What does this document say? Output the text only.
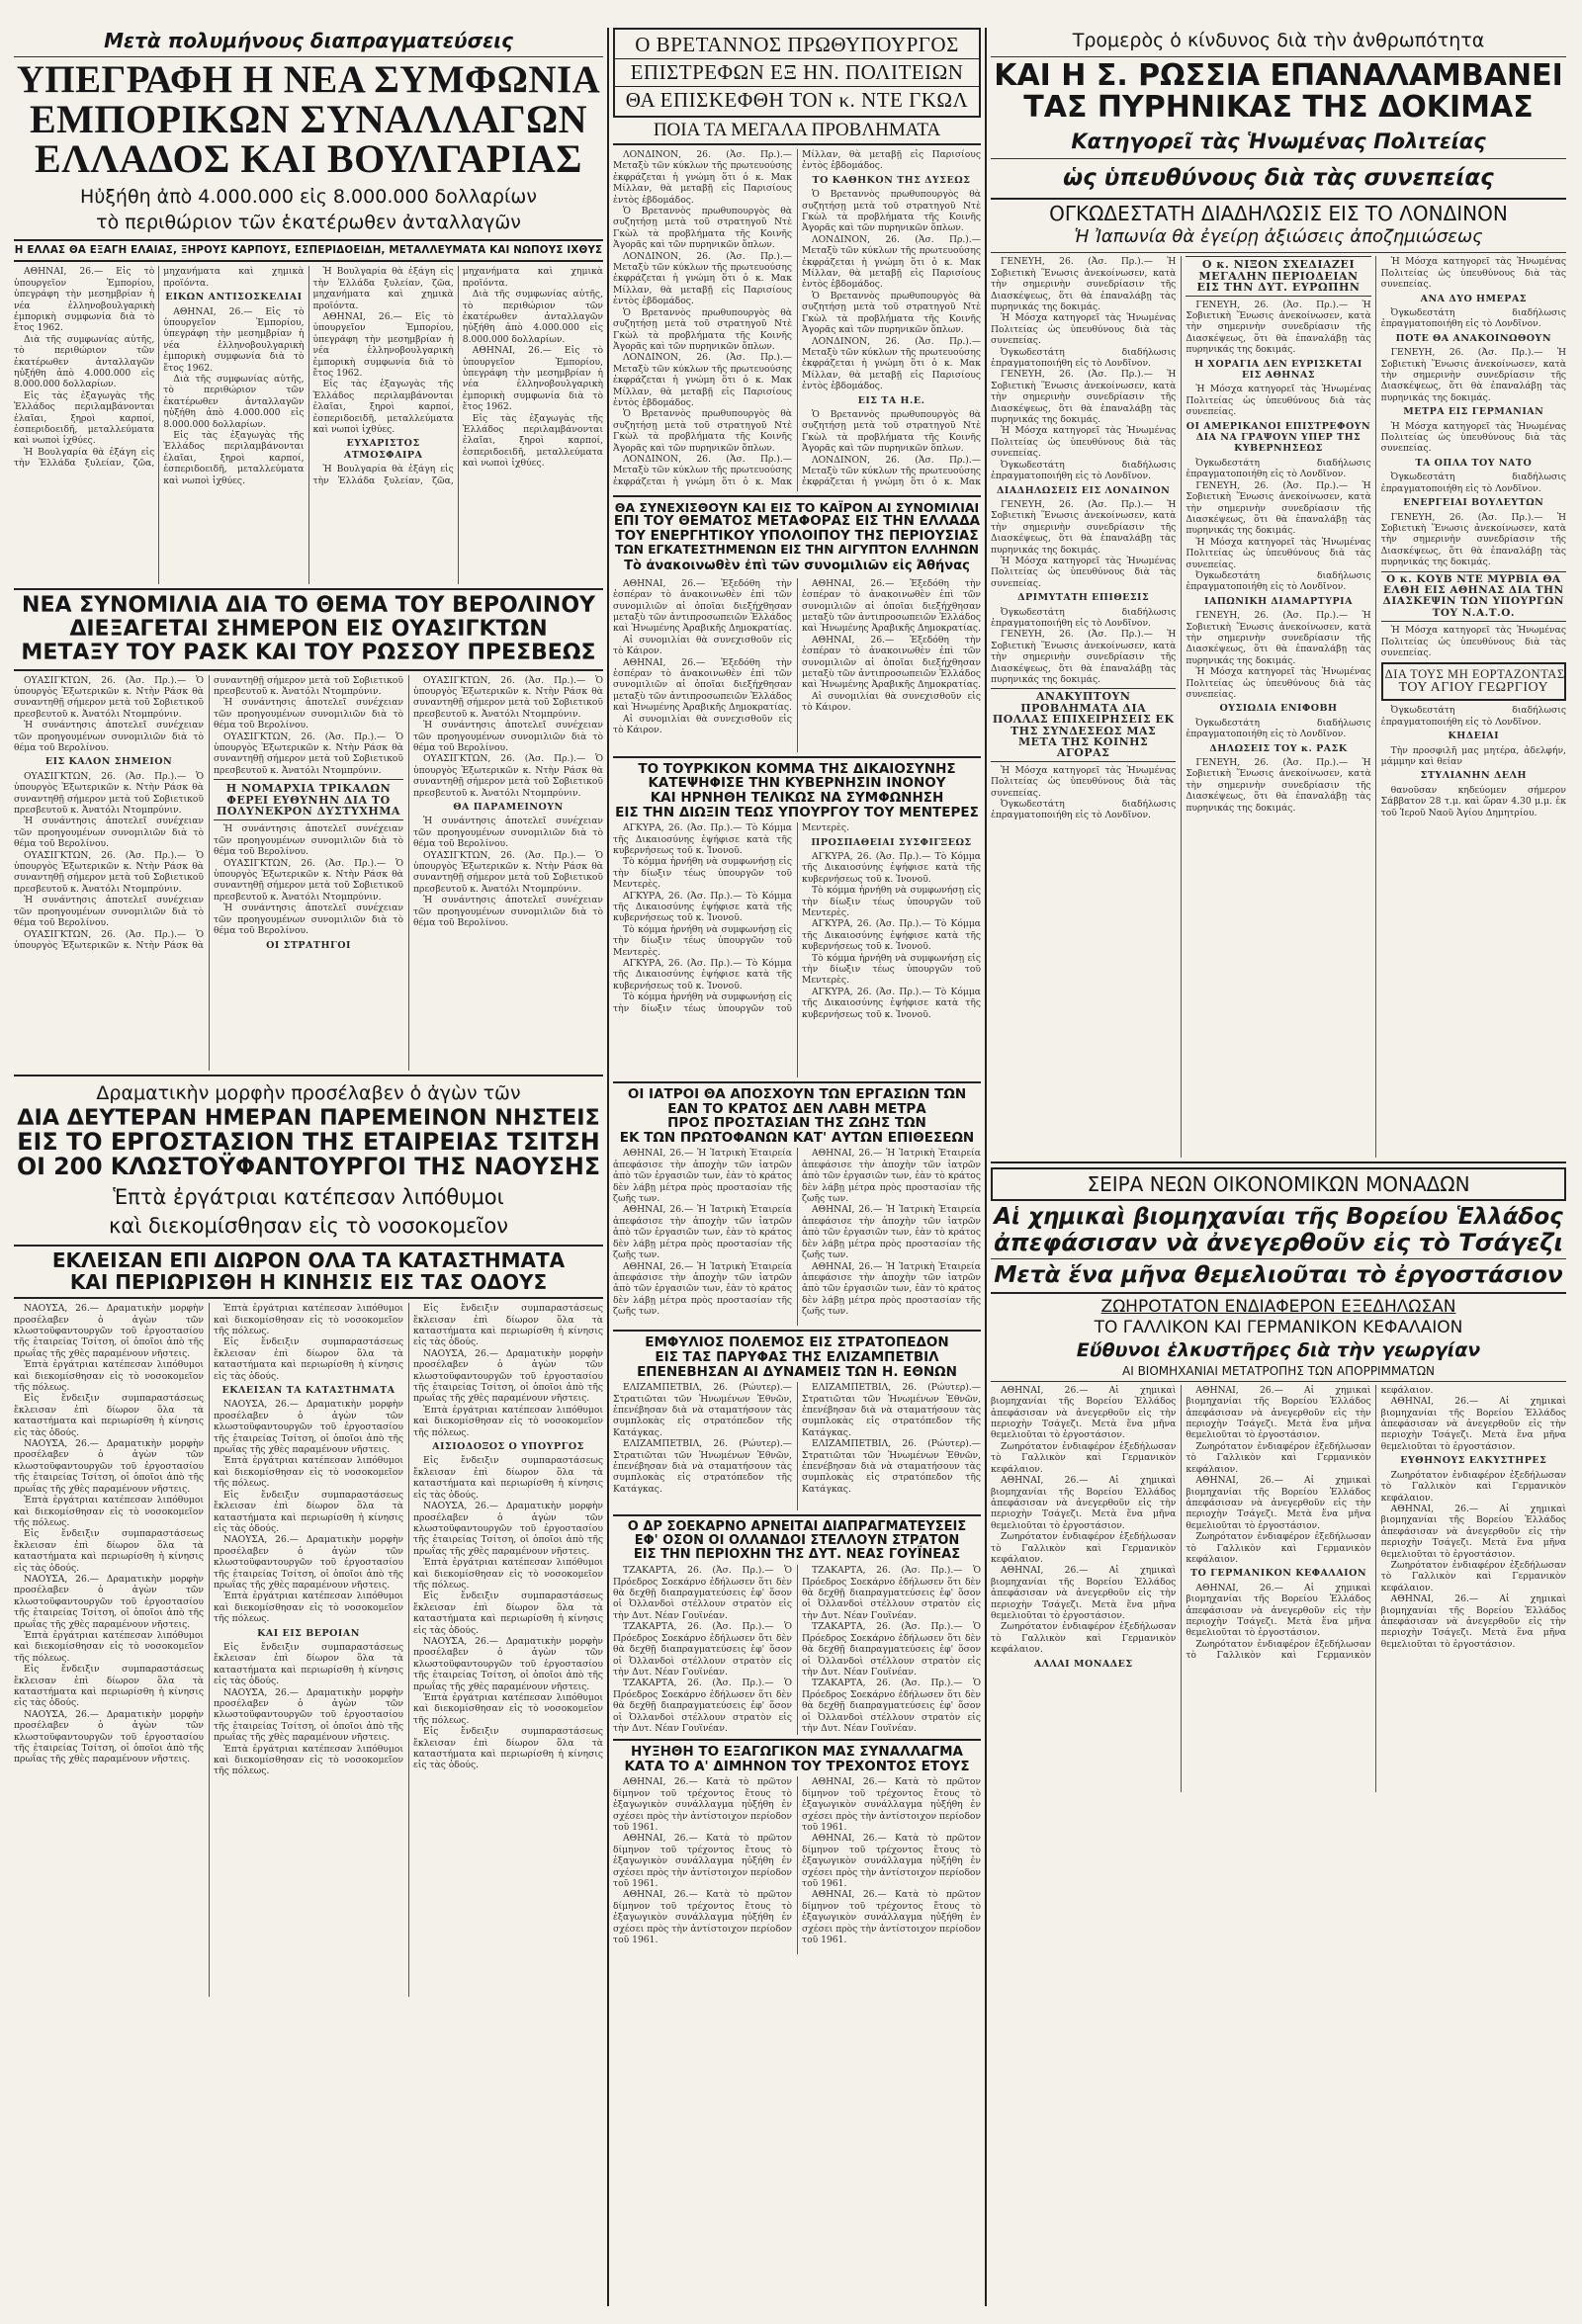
Μετὰ πολυμήνους διαπραγματεύσεις
ΥΠΕΓΡΑΦΗ Η ΝΕΑ ΣΥΜΦΩΝΙΑ
ΕΜΠΟΡΙΚΩΝ ΣΥΝΑΛΛΑΓΩΝ
ΕΛΛΑΔΟΣ ΚΑΙ ΒΟΥΛΓΑΡΙΑΣ
Ηὐξήθη ἀπὸ 4.000.000 εἰς 8.000.000 δολλαρίων
τὸ περιθώριον τῶν ἑκατέρωθεν ἀνταλλαγῶν
Η ΕΛΛΑΣ ΘΑ ΕΞΑΓΗ ΕΛΑΙΑΣ, ΞΗΡΟΥΣ ΚΑΡΠΟΥΣ, ΕΣΠΕΡΙΔΟΕΙΔΗ, ΜΕΤΑΛΛΕΥΜΑΤΑ ΚΑΙ ΝΩΠΟΥΣ ΙΧΘΥΣ

ΑΘΗΝΑΙ, 26.— Εἰς τὸ ὑπουργεῖον Ἐμπορίου, ὑπεγράφη τὴν μεσημβρίαν ἡ νέα ἑλληνοβουλγαρικὴ ἐμπορικὴ συμφωνία διὰ τὸ ἔτος 1962.

Διὰ τῆς συμφωνίας αὐτῆς, τὸ περιθώριον τῶν ἐκατέρωθεν ἀνταλλαγῶν ηὐξήθη ἀπὸ 4.000.000 εἰς 8.000.000 δολλαρίων.

Εἰς τὰς ἐξαγωγὰς τῆς Ἑλλάδος περιλαμβάνονται ἐλαῖαι, ξηροὶ καρποί, ἐσπεριδοειδῆ, μεταλλεύματα καὶ νωποὶ ἰχθύες.

Ἡ Βουλγαρία θὰ ἐξάγη εἰς τὴν Ἑλλάδα ξυλείαν, ζῶα, μηχανήματα καὶ χημικὰ προϊόντα.

ΕΙΚΩΝ ΑΝΤΙΣΟΣΚΕΛΙΑΙ

ΑΘΗΝΑΙ, 26.— Εἰς τὸ ὑπουργεῖον Ἐμπορίου, ὑπεγράφη τὴν μεσημβρίαν ἡ νέα ἑλληνοβουλγαρικὴ ἐμπορικὴ συμφωνία διὰ τὸ ἔτος 1962.

Διὰ τῆς συμφωνίας αὐτῆς, τὸ περιθώριον τῶν ἐκατέρωθεν ἀνταλλαγῶν ηὐξήθη ἀπὸ 4.000.000 εἰς 8.000.000 δολλαρίων.

Εἰς τὰς ἐξαγωγὰς τῆς Ἑλλάδος περιλαμβάνονται ἐλαῖαι, ξηροὶ καρποί, ἐσπεριδοειδῆ, μεταλλεύματα καὶ νωποὶ ἰχθύες.

Ἡ Βουλγαρία θὰ ἐξάγη εἰς τὴν Ἑλλάδα ξυλείαν, ζῶα, μηχανήματα καὶ χημικὰ προϊόντα.

ΑΘΗΝΑΙ, 26.— Εἰς τὸ ὑπουργεῖον Ἐμπορίου, ὑπεγράφη τὴν μεσημβρίαν ἡ νέα ἑλληνοβουλγαρικὴ ἐμπορικὴ συμφωνία διὰ τὸ ἔτος 1962.

Εἰς τὰς ἐξαγωγὰς τῆς Ἑλλάδος περιλαμβάνονται ἐλαῖαι, ξηροὶ καρποί, ἐσπεριδοειδῆ, μεταλλεύματα καὶ νωποὶ ἰχθύες.

ΕΥΧΑΡΙΣΤΟΣ ΑΤΜΟΣΦΑΙΡΑ

Ἡ Βουλγαρία θὰ ἐξάγη εἰς τὴν Ἑλλάδα ξυλείαν, ζῶα, μηχανήματα καὶ χημικὰ προϊόντα.

Διὰ τῆς συμφωνίας αὐτῆς, τὸ περιθώριον τῶν ἐκατέρωθεν ἀνταλλαγῶν ηὐξήθη ἀπὸ 4.000.000 εἰς 8.000.000 δολλαρίων.

ΑΘΗΝΑΙ, 26.— Εἰς τὸ ὑπουργεῖον Ἐμπορίου, ὑπεγράφη τὴν μεσημβρίαν ἡ νέα ἑλληνοβουλγαρικὴ ἐμπορικὴ συμφωνία διὰ τὸ ἔτος 1962.

Εἰς τὰς ἐξαγωγὰς τῆς Ἑλλάδος περιλαμβάνονται ἐλαῖαι, ξηροὶ καρποί, ἐσπεριδοειδῆ, μεταλλεύματα καὶ νωποὶ ἰχθύες.

ΝΕΑ ΣΥΝΟΜΙΛΙΑ ΔΙΑ ΤΟ ΘΕΜΑ ΤΟΥ ΒΕΡΟΛΙΝΟΥ
ΔΙΕΞΑΓΕΤΑΙ ΣΗΜΕΡΟΝ ΕΙΣ ΟΥΑΣΙΓΚΤΩΝ
ΜΕΤΑΞΥ ΤΟΥ ΡΑΣΚ ΚΑΙ ΤΟΥ ΡΩΣΣΟΥ ΠΡΕΣΒΕΩΣ

ΟΥΑΣΙΓΚΤΩΝ, 26. (Ἀσ. Πρ.).— Ὁ ὑπουργὸς Ἐξωτερικῶν κ. Ντὴν Ράσκ θὰ συναντηθῇ σήμερον μετὰ τοῦ Σοβιετικοῦ πρεσβευτοῦ κ. Ἀνατόλι Ντομπρύνιν.

Ἡ συνάντησις ἀποτελεῖ συνέχειαν τῶν προηγουμένων συνομιλιῶν διὰ τὸ θέμα τοῦ Βερολίνου.

ΕΙΣ ΚΑΛΟΝ ΣΗΜΕΙΟΝ

ΟΥΑΣΙΓΚΤΩΝ, 26. (Ἀσ. Πρ.).— Ὁ ὑπουργὸς Ἐξωτερικῶν κ. Ντὴν Ράσκ θὰ συναντηθῇ σήμερον μετὰ τοῦ Σοβιετικοῦ πρεσβευτοῦ κ. Ἀνατόλι Ντομπρύνιν.

Ἡ συνάντησις ἀποτελεῖ συνέχειαν τῶν προηγουμένων συνομιλιῶν διὰ τὸ θέμα τοῦ Βερολίνου.

ΟΥΑΣΙΓΚΤΩΝ, 26. (Ἀσ. Πρ.).— Ὁ ὑπουργὸς Ἐξωτερικῶν κ. Ντὴν Ράσκ θὰ συναντηθῇ σήμερον μετὰ τοῦ Σοβιετικοῦ πρεσβευτοῦ κ. Ἀνατόλι Ντομπρύνιν.

Ἡ συνάντησις ἀποτελεῖ συνέχειαν τῶν προηγουμένων συνομιλιῶν διὰ τὸ θέμα τοῦ Βερολίνου.

ΟΥΑΣΙΓΚΤΩΝ, 26. (Ἀσ. Πρ.).— Ὁ ὑπουργὸς Ἐξωτερικῶν κ. Ντὴν Ράσκ θὰ συναντηθῇ σήμερον μετὰ τοῦ Σοβιετικοῦ πρεσβευτοῦ κ. Ἀνατόλι Ντομπρύνιν.

Ἡ συνάντησις ἀποτελεῖ συνέχειαν τῶν προηγουμένων συνομιλιῶν διὰ τὸ θέμα τοῦ Βερολίνου.

ΟΥΑΣΙΓΚΤΩΝ, 26. (Ἀσ. Πρ.).— Ὁ ὑπουργὸς Ἐξωτερικῶν κ. Ντὴν Ράσκ θὰ συναντηθῇ σήμερον μετὰ τοῦ Σοβιετικοῦ πρεσβευτοῦ κ. Ἀνατόλι Ντομπρύνιν.

Η ΝΟΜΑΡΧΙΑ ΤΡΙΚΑΛΩΝ ΦΕΡΕΙ ΕΥΘΥΝΗΝ ΔΙΑ ΤΟ ΠΟΛΥΝΕΚΡΟΝ ΔΥΣΤΥΧΗΜΑ

Ἡ συνάντησις ἀποτελεῖ συνέχειαν τῶν προηγουμένων συνομιλιῶν διὰ τὸ θέμα τοῦ Βερολίνου.

ΟΥΑΣΙΓΚΤΩΝ, 26. (Ἀσ. Πρ.).— Ὁ ὑπουργὸς Ἐξωτερικῶν κ. Ντὴν Ράσκ θὰ συναντηθῇ σήμερον μετὰ τοῦ Σοβιετικοῦ πρεσβευτοῦ κ. Ἀνατόλι Ντομπρύνιν.

Ἡ συνάντησις ἀποτελεῖ συνέχειαν τῶν προηγουμένων συνομιλιῶν διὰ τὸ θέμα τοῦ Βερολίνου.

ΟΙ ΣΤΡΑΤΗΓΟΙ

ΟΥΑΣΙΓΚΤΩΝ, 26. (Ἀσ. Πρ.).— Ὁ ὑπουργὸς Ἐξωτερικῶν κ. Ντὴν Ράσκ θὰ συναντηθῇ σήμερον μετὰ τοῦ Σοβιετικοῦ πρεσβευτοῦ κ. Ἀνατόλι Ντομπρύνιν.

Ἡ συνάντησις ἀποτελεῖ συνέχειαν τῶν προηγουμένων συνομιλιῶν διὰ τὸ θέμα τοῦ Βερολίνου.

ΟΥΑΣΙΓΚΤΩΝ, 26. (Ἀσ. Πρ.).— Ὁ ὑπουργὸς Ἐξωτερικῶν κ. Ντὴν Ράσκ θὰ συναντηθῇ σήμερον μετὰ τοῦ Σοβιετικοῦ πρεσβευτοῦ κ. Ἀνατόλι Ντομπρύνιν.

ΘΑ ΠΑΡΑΜΕΙΝΟΥΝ

Ἡ συνάντησις ἀποτελεῖ συνέχειαν τῶν προηγουμένων συνομιλιῶν διὰ τὸ θέμα τοῦ Βερολίνου.

ΟΥΑΣΙΓΚΤΩΝ, 26. (Ἀσ. Πρ.).— Ὁ ὑπουργὸς Ἐξωτερικῶν κ. Ντὴν Ράσκ θὰ συναντηθῇ σήμερον μετὰ τοῦ Σοβιετικοῦ πρεσβευτοῦ κ. Ἀνατόλι Ντομπρύνιν.

Ἡ συνάντησις ἀποτελεῖ συνέχειαν τῶν προηγουμένων συνομιλιῶν διὰ τὸ θέμα τοῦ Βερολίνου.

Δραματικὴν μορφὴν προσέλαβεν ὁ ἀγὼν τῶν
ΔΙΑ ΔΕΥΤΕΡΑΝ ΗΜΕΡΑΝ ΠΑΡΕΜΕΙΝΟΝ ΝΗΣΤΕΙΣ
ΕΙΣ ΤΟ ΕΡΓΟΣΤΑΣΙΟΝ ΤΗΣ ΕΤΑΙΡΕΙΑΣ ΤΣΙΤΣΗ
ΟΙ 200 ΚΛΩΣΤΟΫΦΑΝΤΟΥΡΓΟΙ ΤΗΣ ΝΑΟΥΣΗΣ
Ἑπτὰ ἐργάτριαι κατέπεσαν λιπόθυμοι
καὶ διεκομίσθησαν εἰς τὸ νοσοκομεῖον
ΕΚΛΕΙΣΑΝ ΕΠΙ ΔΙΩΡΟΝ ΟΛΑ ΤΑ ΚΑΤΑΣΤΗΜΑΤΑ
ΚΑΙ ΠΕΡΙΩΡΙΣΘΗ Η ΚΙΝΗΣΙΣ ΕΙΣ ΤΑΣ ΟΔΟΥΣ

ΝΑΟΥΣΑ, 26.— Δραματικὴν μορφὴν προσέλαβεν ὁ ἀγὼν τῶν κλωστοϋφαντουργῶν τοῦ ἐργοστασίου τῆς ἑταιρείας Τσίτση, οἱ ὁποῖοι ἀπὸ τῆς πρωΐας τῆς χθὲς παραμένουν νῆστεις.

Ἑπτὰ ἐργάτριαι κατέπεσαν λιπόθυμοι καὶ διεκομίσθησαν εἰς τὸ νοσοκομεῖον τῆς πόλεως.

Εἰς ἔνδειξιν συμπαραστάσεως ἔκλεισαν ἐπὶ δίωρον ὅλα τὰ καταστήματα καὶ περιωρίσθη ἡ κίνησις εἰς τὰς ὁδούς.

ΝΑΟΥΣΑ, 26.— Δραματικὴν μορφὴν προσέλαβεν ὁ ἀγὼν τῶν κλωστοϋφαντουργῶν τοῦ ἐργοστασίου τῆς ἑταιρείας Τσίτση, οἱ ὁποῖοι ἀπὸ τῆς πρωΐας τῆς χθὲς παραμένουν νῆστεις.

Ἑπτὰ ἐργάτριαι κατέπεσαν λιπόθυμοι καὶ διεκομίσθησαν εἰς τὸ νοσοκομεῖον τῆς πόλεως.

Εἰς ἔνδειξιν συμπαραστάσεως ἔκλεισαν ἐπὶ δίωρον ὅλα τὰ καταστήματα καὶ περιωρίσθη ἡ κίνησις εἰς τὰς ὁδούς.

ΝΑΟΥΣΑ, 26.— Δραματικὴν μορφὴν προσέλαβεν ὁ ἀγὼν τῶν κλωστοϋφαντουργῶν τοῦ ἐργοστασίου τῆς ἑταιρείας Τσίτση, οἱ ὁποῖοι ἀπὸ τῆς πρωΐας τῆς χθὲς παραμένουν νῆστεις.

Ἑπτὰ ἐργάτριαι κατέπεσαν λιπόθυμοι καὶ διεκομίσθησαν εἰς τὸ νοσοκομεῖον τῆς πόλεως.

Εἰς ἔνδειξιν συμπαραστάσεως ἔκλεισαν ἐπὶ δίωρον ὅλα τὰ καταστήματα καὶ περιωρίσθη ἡ κίνησις εἰς τὰς ὁδούς.

ΝΑΟΥΣΑ, 26.— Δραματικὴν μορφὴν προσέλαβεν ὁ ἀγὼν τῶν κλωστοϋφαντουργῶν τοῦ ἐργοστασίου τῆς ἑταιρείας Τσίτση, οἱ ὁποῖοι ἀπὸ τῆς πρωΐας τῆς χθὲς παραμένουν νῆστεις.

Ἑπτὰ ἐργάτριαι κατέπεσαν λιπόθυμοι καὶ διεκομίσθησαν εἰς τὸ νοσοκομεῖον τῆς πόλεως.

Εἰς ἔνδειξιν συμπαραστάσεως ἔκλεισαν ἐπὶ δίωρον ὅλα τὰ καταστήματα καὶ περιωρίσθη ἡ κίνησις εἰς τὰς ὁδούς.

ΕΚΛΕΙΣΑΝ ΤΑ ΚΑΤΑΣΤΗΜΑΤΑ

ΝΑΟΥΣΑ, 26.— Δραματικὴν μορφὴν προσέλαβεν ὁ ἀγὼν τῶν κλωστοϋφαντουργῶν τοῦ ἐργοστασίου τῆς ἑταιρείας Τσίτση, οἱ ὁποῖοι ἀπὸ τῆς πρωΐας τῆς χθὲς παραμένουν νῆστεις.

Ἑπτὰ ἐργάτριαι κατέπεσαν λιπόθυμοι καὶ διεκομίσθησαν εἰς τὸ νοσοκομεῖον τῆς πόλεως.

Εἰς ἔνδειξιν συμπαραστάσεως ἔκλεισαν ἐπὶ δίωρον ὅλα τὰ καταστήματα καὶ περιωρίσθη ἡ κίνησις εἰς τὰς ὁδούς.

ΝΑΟΥΣΑ, 26.— Δραματικὴν μορφὴν προσέλαβεν ὁ ἀγὼν τῶν κλωστοϋφαντουργῶν τοῦ ἐργοστασίου τῆς ἑταιρείας Τσίτση, οἱ ὁποῖοι ἀπὸ τῆς πρωΐας τῆς χθὲς παραμένουν νῆστεις.

Ἑπτὰ ἐργάτριαι κατέπεσαν λιπόθυμοι καὶ διεκομίσθησαν εἰς τὸ νοσοκομεῖον τῆς πόλεως.

ΚΑΙ ΕΙΣ ΒΕΡΟΙΑΝ

Εἰς ἔνδειξιν συμπαραστάσεως ἔκλεισαν ἐπὶ δίωρον ὅλα τὰ καταστήματα καὶ περιωρίσθη ἡ κίνησις εἰς τὰς ὁδούς.

ΝΑΟΥΣΑ, 26.— Δραματικὴν μορφὴν προσέλαβεν ὁ ἀγὼν τῶν κλωστοϋφαντουργῶν τοῦ ἐργοστασίου τῆς ἑταιρείας Τσίτση, οἱ ὁποῖοι ἀπὸ τῆς πρωΐας τῆς χθὲς παραμένουν νῆστεις.

Ἑπτὰ ἐργάτριαι κατέπεσαν λιπόθυμοι καὶ διεκομίσθησαν εἰς τὸ νοσοκομεῖον τῆς πόλεως.

Εἰς ἔνδειξιν συμπαραστάσεως ἔκλεισαν ἐπὶ δίωρον ὅλα τὰ καταστήματα καὶ περιωρίσθη ἡ κίνησις εἰς τὰς ὁδούς.

ΝΑΟΥΣΑ, 26.— Δραματικὴν μορφὴν προσέλαβεν ὁ ἀγὼν τῶν κλωστοϋφαντουργῶν τοῦ ἐργοστασίου τῆς ἑταιρείας Τσίτση, οἱ ὁποῖοι ἀπὸ τῆς πρωΐας τῆς χθὲς παραμένουν νῆστεις.

Ἑπτὰ ἐργάτριαι κατέπεσαν λιπόθυμοι καὶ διεκομίσθησαν εἰς τὸ νοσοκομεῖον τῆς πόλεως.

ΑΙΣΙΟΔΟΞΟΣ Ο ΥΠΟΥΡΓΟΣ

Εἰς ἔνδειξιν συμπαραστάσεως ἔκλεισαν ἐπὶ δίωρον ὅλα τὰ καταστήματα καὶ περιωρίσθη ἡ κίνησις εἰς τὰς ὁδούς.

ΝΑΟΥΣΑ, 26.— Δραματικὴν μορφὴν προσέλαβεν ὁ ἀγὼν τῶν κλωστοϋφαντουργῶν τοῦ ἐργοστασίου τῆς ἑταιρείας Τσίτση, οἱ ὁποῖοι ἀπὸ τῆς πρωΐας τῆς χθὲς παραμένουν νῆστεις.

Ἑπτὰ ἐργάτριαι κατέπεσαν λιπόθυμοι καὶ διεκομίσθησαν εἰς τὸ νοσοκομεῖον τῆς πόλεως.

Εἰς ἔνδειξιν συμπαραστάσεως ἔκλεισαν ἐπὶ δίωρον ὅλα τὰ καταστήματα καὶ περιωρίσθη ἡ κίνησις εἰς τὰς ὁδούς.

ΝΑΟΥΣΑ, 26.— Δραματικὴν μορφὴν προσέλαβεν ὁ ἀγὼν τῶν κλωστοϋφαντουργῶν τοῦ ἐργοστασίου τῆς ἑταιρείας Τσίτση, οἱ ὁποῖοι ἀπὸ τῆς πρωΐας τῆς χθὲς παραμένουν νῆστεις.

Ἑπτὰ ἐργάτριαι κατέπεσαν λιπόθυμοι καὶ διεκομίσθησαν εἰς τὸ νοσοκομεῖον τῆς πόλεως.

Εἰς ἔνδειξιν συμπαραστάσεως ἔκλεισαν ἐπὶ δίωρον ὅλα τὰ καταστήματα καὶ περιωρίσθη ἡ κίνησις εἰς τὰς ὁδούς.

Ο ΒΡΕΤΑΝΝΟΣ ΠΡΩΘΥΠΟΥΡΓΟΣ
ΕΠΙΣΤΡΕΦΩΝ ΕΞ ΗΝ. ΠΟΛΙΤΕΙΩΝ
ΘΑ ΕΠΙΣΚΕΦΘΗ ΤΟΝ κ. ΝΤΕ ΓΚΩΛ
ΠΟΙΑ ΤΑ ΜΕΓΑΛΑ ΠΡΟΒΛΗΜΑΤΑ

ΛΟΝΔΙΝΟΝ, 26. (Ἀσ. Πρ.).— Μεταξὺ τῶν κύκλων τῆς πρωτευούσης ἐκφράζεται ἡ γνώμη ὅτι ὁ κ. Μακ Μίλλαν, θὰ μεταβῇ εἰς Παρισίους ἐντὸς ἑβδομάδος.

Ὁ Βρεταννὸς πρωθυπουργὸς θὰ συζητήσῃ μετὰ τοῦ στρατηγοῦ Ντὲ Γκὼλ τὰ προβλήματα τῆς Κοινῆς Ἀγορᾶς καὶ τῶν πυρηνικῶν ὅπλων.

ΛΟΝΔΙΝΟΝ, 26. (Ἀσ. Πρ.).— Μεταξὺ τῶν κύκλων τῆς πρωτευούσης ἐκφράζεται ἡ γνώμη ὅτι ὁ κ. Μακ Μίλλαν, θὰ μεταβῇ εἰς Παρισίους ἐντὸς ἑβδομάδος.

Ὁ Βρεταννὸς πρωθυπουργὸς θὰ συζητήσῃ μετὰ τοῦ στρατηγοῦ Ντὲ Γκὼλ τὰ προβλήματα τῆς Κοινῆς Ἀγορᾶς καὶ τῶν πυρηνικῶν ὅπλων.

ΛΟΝΔΙΝΟΝ, 26. (Ἀσ. Πρ.).— Μεταξὺ τῶν κύκλων τῆς πρωτευούσης ἐκφράζεται ἡ γνώμη ὅτι ὁ κ. Μακ Μίλλαν, θὰ μεταβῇ εἰς Παρισίους ἐντὸς ἑβδομάδος.

Ὁ Βρεταννὸς πρωθυπουργὸς θὰ συζητήσῃ μετὰ τοῦ στρατηγοῦ Ντὲ Γκὼλ τὰ προβλήματα τῆς Κοινῆς Ἀγορᾶς καὶ τῶν πυρηνικῶν ὅπλων.

ΛΟΝΔΙΝΟΝ, 26. (Ἀσ. Πρ.).— Μεταξὺ τῶν κύκλων τῆς πρωτευούσης ἐκφράζεται ἡ γνώμη ὅτι ὁ κ. Μακ Μίλλαν, θὰ μεταβῇ εἰς Παρισίους ἐντὸς ἑβδομάδος.

ΤΟ ΚΑΘΗΚΟΝ ΤΗΣ ΔΥΣΕΩΣ

Ὁ Βρεταννὸς πρωθυπουργὸς θὰ συζητήσῃ μετὰ τοῦ στρατηγοῦ Ντὲ Γκὼλ τὰ προβλήματα τῆς Κοινῆς Ἀγορᾶς καὶ τῶν πυρηνικῶν ὅπλων.

ΛΟΝΔΙΝΟΝ, 26. (Ἀσ. Πρ.).— Μεταξὺ τῶν κύκλων τῆς πρωτευούσης ἐκφράζεται ἡ γνώμη ὅτι ὁ κ. Μακ Μίλλαν, θὰ μεταβῇ εἰς Παρισίους ἐντὸς ἑβδομάδος.

Ὁ Βρεταννὸς πρωθυπουργὸς θὰ συζητήσῃ μετὰ τοῦ στρατηγοῦ Ντὲ Γκὼλ τὰ προβλήματα τῆς Κοινῆς Ἀγορᾶς καὶ τῶν πυρηνικῶν ὅπλων.

ΛΟΝΔΙΝΟΝ, 26. (Ἀσ. Πρ.).— Μεταξὺ τῶν κύκλων τῆς πρωτευούσης ἐκφράζεται ἡ γνώμη ὅτι ὁ κ. Μακ Μίλλαν, θὰ μεταβῇ εἰς Παρισίους ἐντὸς ἑβδομάδος.

ΕΙΣ ΤΑ Η.Ε.

Ὁ Βρεταννὸς πρωθυπουργὸς θὰ συζητήσῃ μετὰ τοῦ στρατηγοῦ Ντὲ Γκὼλ τὰ προβλήματα τῆς Κοινῆς Ἀγορᾶς καὶ τῶν πυρηνικῶν ὅπλων.

ΛΟΝΔΙΝΟΝ, 26. (Ἀσ. Πρ.).— Μεταξὺ τῶν κύκλων τῆς πρωτευούσης ἐκφράζεται ἡ γνώμη ὅτι ὁ κ. Μακ

ΘΑ ΣΥΝΕΧΙΣΘΟΥΝ ΚΑΙ ΕΙΣ ΤΟ ΚΑΪΡΟΝ ΑΙ ΣΥΝΟΜΙΛΙΑΙ
ΕΠΙ ΤΟΥ ΘΕΜΑΤΟΣ ΜΕΤΑΦΟΡΑΣ ΕΙΣ ΤΗΝ ΕΛΛΑΔΑ
ΤΟΥ ΕΝΕΡΓΗΤΙΚΟΥ ΥΠΟΛΟΙΠΟΥ ΤΗΣ ΠΕΡΙΟΥΣΙΑΣ
ΤΩΝ ΕΓΚΑΤΕΣΤΗΜΕΝΩΝ ΕΙΣ ΤΗΝ ΑΙΓΥΠΤΟΝ ΕΛΛΗΝΩΝ
Τὸ ἀνακοινωθὲν ἐπὶ τῶν συνομιλιῶν εἰς Ἀθήνας

ΑΘΗΝΑΙ, 26.— Ἐξεδόθη τὴν ἑσπέραν τὸ ἀνακοινωθὲν ἐπὶ τῶν συνομιλιῶν αἱ ὁποῖαι διεξήχθησαν μεταξὺ τῶν ἀντιπροσωπειῶν Ἑλλάδος καὶ Ἡνωμένης Ἀραβικῆς Δημοκρατίας.

Αἱ συνομιλίαι θὰ συνεχισθοῦν εἰς τὸ Κάιρον.

ΑΘΗΝΑΙ, 26.— Ἐξεδόθη τὴν ἑσπέραν τὸ ἀνακοινωθὲν ἐπὶ τῶν συνομιλιῶν αἱ ὁποῖαι διεξήχθησαν μεταξὺ τῶν ἀντιπροσωπειῶν Ἑλλάδος καὶ Ἡνωμένης Ἀραβικῆς Δημοκρατίας.

Αἱ συνομιλίαι θὰ συνεχισθοῦν εἰς τὸ Κάιρον.

ΑΘΗΝΑΙ, 26.— Ἐξεδόθη τὴν ἑσπέραν τὸ ἀνακοινωθὲν ἐπὶ τῶν συνομιλιῶν αἱ ὁποῖαι διεξήχθησαν μεταξὺ τῶν ἀντιπροσωπειῶν Ἑλλάδος καὶ Ἡνωμένης Ἀραβικῆς Δημοκρατίας.

ΑΘΗΝΑΙ, 26.— Ἐξεδόθη τὴν ἑσπέραν τὸ ἀνακοινωθὲν ἐπὶ τῶν συνομιλιῶν αἱ ὁποῖαι διεξήχθησαν μεταξὺ τῶν ἀντιπροσωπειῶν Ἑλλάδος καὶ Ἡνωμένης Ἀραβικῆς Δημοκρατίας.

Αἱ συνομιλίαι θὰ συνεχισθοῦν εἰς τὸ Κάιρον.

ΤΟ ΤΟΥΡΚΙΚΟΝ ΚΟΜΜΑ ΤΗΣ ΔΙΚΑΙΟΣΥΝΗΣ
ΚΑΤΕΨΗΦΙΣΕ ΤΗΝ ΚΥΒΕΡΝΗΣΙΝ ΙΝΟΝΟΥ
ΚΑΙ ΗΡΝΗΘΗ ΤΕΛΙΚΩΣ ΝΑ ΣΥΜΦΩΝΗΣΗ
ΕΙΣ ΤΗΝ ΔΙΩΞΙΝ ΤΕΩΣ ΥΠΟΥΡΓΟΥ ΤΟΥ ΜΕΝΤΕΡΕΣ

ΑΓΚΥΡΑ, 26. (Ἀσ. Πρ.).— Τὸ Κόμμα τῆς Δικαιοσύνης ἐψήφισε κατὰ τῆς κυβερνήσεως τοῦ κ. Ἰνονοῦ.

Τὸ κόμμα ἠρνήθη νὰ συμφωνήσῃ εἰς τὴν δίωξιν τέως ὑπουργῶν τοῦ Μεντερὲς.

ΑΓΚΥΡΑ, 26. (Ἀσ. Πρ.).— Τὸ Κόμμα τῆς Δικαιοσύνης ἐψήφισε κατὰ τῆς κυβερνήσεως τοῦ κ. Ἰνονοῦ.

Τὸ κόμμα ἠρνήθη νὰ συμφωνήσῃ εἰς τὴν δίωξιν τέως ὑπουργῶν τοῦ Μεντερὲς.

ΑΓΚΥΡΑ, 26. (Ἀσ. Πρ.).— Τὸ Κόμμα τῆς Δικαιοσύνης ἐψήφισε κατὰ τῆς κυβερνήσεως τοῦ κ. Ἰνονοῦ.

Τὸ κόμμα ἠρνήθη νὰ συμφωνήσῃ εἰς τὴν δίωξιν τέως ὑπουργῶν τοῦ Μεντερὲς.

ΠΡΟΣΠΑΘΕΙΑΙ ΣΥΣΦΙΓΞΕΩΣ

ΑΓΚΥΡΑ, 26. (Ἀσ. Πρ.).— Τὸ Κόμμα τῆς Δικαιοσύνης ἐψήφισε κατὰ τῆς κυβερνήσεως τοῦ κ. Ἰνονοῦ.

Τὸ κόμμα ἠρνήθη νὰ συμφωνήσῃ εἰς τὴν δίωξιν τέως ὑπουργῶν τοῦ Μεντερὲς.

ΑΓΚΥΡΑ, 26. (Ἀσ. Πρ.).— Τὸ Κόμμα τῆς Δικαιοσύνης ἐψήφισε κατὰ τῆς κυβερνήσεως τοῦ κ. Ἰνονοῦ.

Τὸ κόμμα ἠρνήθη νὰ συμφωνήσῃ εἰς τὴν δίωξιν τέως ὑπουργῶν τοῦ Μεντερὲς.

ΑΓΚΥΡΑ, 26. (Ἀσ. Πρ.).— Τὸ Κόμμα τῆς Δικαιοσύνης ἐψήφισε κατὰ τῆς κυβερνήσεως τοῦ κ. Ἰνονοῦ.

ΟΙ ΙΑΤΡΟΙ ΘΑ ΑΠΟΣΧΟΥΝ ΤΩΝ ΕΡΓΑΣΙΩΝ ΤΩΝ
ΕΑΝ ΤΟ ΚΡΑΤΟΣ ΔΕΝ ΛΑΒΗ ΜΕΤΡΑ
ΠΡΟΣ ΠΡΟΣΤΑΣΙΑΝ ΤΗΣ ΖΩΗΣ ΤΩΝ
ΕΚ ΤΩΝ ΠΡΩΤΟΦΑΝΩΝ ΚΑΤ' ΑΥΤΩΝ ΕΠΙΘΕΣΕΩΝ

ΑΘΗΝΑΙ, 26.— Ἡ Ἰατρικὴ Ἑταιρεία ἀπεφάσισε τὴν ἀποχὴν τῶν ἰατρῶν ἀπὸ τῶν ἐργασιῶν των, ἐὰν τὸ κράτος δὲν λάβῃ μέτρα πρὸς προστασίαν τῆς ζωῆς των.

ΑΘΗΝΑΙ, 26.— Ἡ Ἰατρικὴ Ἑταιρεία ἀπεφάσισε τὴν ἀποχὴν τῶν ἰατρῶν ἀπὸ τῶν ἐργασιῶν των, ἐὰν τὸ κράτος δὲν λάβῃ μέτρα πρὸς προστασίαν τῆς ζωῆς των.

ΑΘΗΝΑΙ, 26.— Ἡ Ἰατρικὴ Ἑταιρεία ἀπεφάσισε τὴν ἀποχὴν τῶν ἰατρῶν ἀπὸ τῶν ἐργασιῶν των, ἐὰν τὸ κράτος δὲν λάβῃ μέτρα πρὸς προστασίαν τῆς ζωῆς των.

ΑΘΗΝΑΙ, 26.— Ἡ Ἰατρικὴ Ἑταιρεία ἀπεφάσισε τὴν ἀποχὴν τῶν ἰατρῶν ἀπὸ τῶν ἐργασιῶν των, ἐὰν τὸ κράτος δὲν λάβῃ μέτρα πρὸς προστασίαν τῆς ζωῆς των.

ΑΘΗΝΑΙ, 26.— Ἡ Ἰατρικὴ Ἑταιρεία ἀπεφάσισε τὴν ἀποχὴν τῶν ἰατρῶν ἀπὸ τῶν ἐργασιῶν των, ἐὰν τὸ κράτος δὲν λάβῃ μέτρα πρὸς προστασίαν τῆς ζωῆς των.

ΑΘΗΝΑΙ, 26.— Ἡ Ἰατρικὴ Ἑταιρεία ἀπεφάσισε τὴν ἀποχὴν τῶν ἰατρῶν ἀπὸ τῶν ἐργασιῶν των, ἐὰν τὸ κράτος δὲν λάβῃ μέτρα πρὸς προστασίαν τῆς ζωῆς των.

ΕΜΦΥΛΙΟΣ ΠΟΛΕΜΟΣ ΕΙΣ ΣΤΡΑΤΟΠΕΔΟΝ
ΕΙΣ ΤΑΣ ΠΑΡΥΦΑΣ ΤΗΣ ΕΛΙΖΑΜΠΕΤΒΙΛ
ΕΠΕΝΕΒΗΣΑΝ ΑΙ ΔΥΝΑΜΕΙΣ ΤΩΝ Η. ΕΘΝΩΝ

ΕΛΙΖΑΜΠΕΤΒΙΛ, 26. (Ρώυτερ).— Στρατιῶται τῶν Ἡνωμένων Ἐθνῶν, ἐπενέβησαν διὰ νὰ σταματήσουν τὰς συμπλοκὰς εἰς στρατόπεδον τῆς Κατάγκας.

ΕΛΙΖΑΜΠΕΤΒΙΛ, 26. (Ρώυτερ).— Στρατιῶται τῶν Ἡνωμένων Ἐθνῶν, ἐπενέβησαν διὰ νὰ σταματήσουν τὰς συμπλοκὰς εἰς στρατόπεδον τῆς Κατάγκας.

ΕΛΙΖΑΜΠΕΤΒΙΛ, 26. (Ρώυτερ).— Στρατιῶται τῶν Ἡνωμένων Ἐθνῶν, ἐπενέβησαν διὰ νὰ σταματήσουν τὰς συμπλοκὰς εἰς στρατόπεδον τῆς Κατάγκας.

ΕΛΙΖΑΜΠΕΤΒΙΛ, 26. (Ρώυτερ).— Στρατιῶται τῶν Ἡνωμένων Ἐθνῶν, ἐπενέβησαν διὰ νὰ σταματήσουν τὰς συμπλοκὰς εἰς στρατόπεδον τῆς Κατάγκας.

Ο ΔΡ ΣΟΕΚΑΡΝΟ ΑΡΝΕΙΤΑΙ ΔΙΑΠΡΑΓΜΑΤΕΥΣΕΙΣ
ΕΦ' ΟΣΟΝ ΟΙ ΟΛΛΑΝΔΟΙ ΣΤΕΛΛΟΥΝ ΣΤΡΑΤΟΝ
ΕΙΣ ΤΗΝ ΠΕΡΙΟΧΗΝ ΤΗΣ ΔΥΤ. ΝΕΑΣ ΓΟΥΪΝΕΑΣ

ΤΖΑΚΑΡΤΑ, 26. (Ἀσ. Πρ.).— Ὁ Πρόεδρος Σοεκάρνο ἐδήλωσεν ὅτι δὲν θὰ δεχθῇ διαπραγματεύσεις ἐφ' ὅσον οἱ Ὀλλανδοὶ στέλλουν στρατὸν εἰς τὴν Δυτ. Νέαν Γουϊνέαν.

ΤΖΑΚΑΡΤΑ, 26. (Ἀσ. Πρ.).— Ὁ Πρόεδρος Σοεκάρνο ἐδήλωσεν ὅτι δὲν θὰ δεχθῇ διαπραγματεύσεις ἐφ' ὅσον οἱ Ὀλλανδοὶ στέλλουν στρατὸν εἰς τὴν Δυτ. Νέαν Γουϊνέαν.

ΤΖΑΚΑΡΤΑ, 26. (Ἀσ. Πρ.).— Ὁ Πρόεδρος Σοεκάρνο ἐδήλωσεν ὅτι δὲν θὰ δεχθῇ διαπραγματεύσεις ἐφ' ὅσον οἱ Ὀλλανδοὶ στέλλουν στρατὸν εἰς τὴν Δυτ. Νέαν Γουϊνέαν.

ΤΖΑΚΑΡΤΑ, 26. (Ἀσ. Πρ.).— Ὁ Πρόεδρος Σοεκάρνο ἐδήλωσεν ὅτι δὲν θὰ δεχθῇ διαπραγματεύσεις ἐφ' ὅσον οἱ Ὀλλανδοὶ στέλλουν στρατὸν εἰς τὴν Δυτ. Νέαν Γουϊνέαν.

ΤΖΑΚΑΡΤΑ, 26. (Ἀσ. Πρ.).— Ὁ Πρόεδρος Σοεκάρνο ἐδήλωσεν ὅτι δὲν θὰ δεχθῇ διαπραγματεύσεις ἐφ' ὅσον οἱ Ὀλλανδοὶ στέλλουν στρατὸν εἰς τὴν Δυτ. Νέαν Γουϊνέαν.

ΤΖΑΚΑΡΤΑ, 26. (Ἀσ. Πρ.).— Ὁ Πρόεδρος Σοεκάρνο ἐδήλωσεν ὅτι δὲν θὰ δεχθῇ διαπραγματεύσεις ἐφ' ὅσον οἱ Ὀλλανδοὶ στέλλουν στρατὸν εἰς τὴν Δυτ. Νέαν Γουϊνέαν.

ΗΥΞΗΘΗ ΤΟ ΕΞΑΓΩΓΙΚΟΝ ΜΑΣ ΣΥΝΑΛΛΑΓΜΑ
ΚΑΤΑ ΤΟ Α' ΔΙΜΗΝΟΝ ΤΟΥ ΤΡΕΧΟΝΤΟΣ ΕΤΟΥΣ

ΑΘΗΝΑΙ, 26.— Κατὰ τὸ πρῶτον δίμηνον τοῦ τρέχοντος ἔτους τὸ ἐξαγωγικὸν συνάλλαγμα ηὐξήθη ἐν σχέσει πρὸς τὴν ἀντίστοιχον περίοδον τοῦ 1961.

ΑΘΗΝΑΙ, 26.— Κατὰ τὸ πρῶτον δίμηνον τοῦ τρέχοντος ἔτους τὸ ἐξαγωγικὸν συνάλλαγμα ηὐξήθη ἐν σχέσει πρὸς τὴν ἀντίστοιχον περίοδον τοῦ 1961.

ΑΘΗΝΑΙ, 26.— Κατὰ τὸ πρῶτον δίμηνον τοῦ τρέχοντος ἔτους τὸ ἐξαγωγικὸν συνάλλαγμα ηὐξήθη ἐν σχέσει πρὸς τὴν ἀντίστοιχον περίοδον τοῦ 1961.

ΑΘΗΝΑΙ, 26.— Κατὰ τὸ πρῶτον δίμηνον τοῦ τρέχοντος ἔτους τὸ ἐξαγωγικὸν συνάλλαγμα ηὐξήθη ἐν σχέσει πρὸς τὴν ἀντίστοιχον περίοδον τοῦ 1961.

ΑΘΗΝΑΙ, 26.— Κατὰ τὸ πρῶτον δίμηνον τοῦ τρέχοντος ἔτους τὸ ἐξαγωγικὸν συνάλλαγμα ηὐξήθη ἐν σχέσει πρὸς τὴν ἀντίστοιχον περίοδον τοῦ 1961.

ΑΘΗΝΑΙ, 26.— Κατὰ τὸ πρῶτον δίμηνον τοῦ τρέχοντος ἔτους τὸ ἐξαγωγικὸν συνάλλαγμα ηὐξήθη ἐν σχέσει πρὸς τὴν ἀντίστοιχον περίοδον τοῦ 1961.

Τρομερὸς ὁ κίνδυνος διὰ τὴν ἀνθρωπότητα
ΚΑΙ Η Σ. ΡΩΣΣΙΑ ΕΠΑΝΑΛΑΜΒΑΝΕΙ
ΤΑΣ ΠΥΡΗΝΙΚΑΣ ΤΗΣ ΔΟΚΙΜΑΣ
Κατηγορεῖ τὰς Ἡνωμένας Πολιτείας
ὡς ὑπευθύνους διὰ τὰς συνεπείας
ΟΓΚΩΔΕΣΤΑΤΗ ΔΙΑΔΗΛΩΣΙΣ ΕΙΣ ΤΟ ΛΟΝΔΙΝΟΝ
Ἡ Ἰαπωνία θὰ ἐγείρῃ ἀξιώσεις ἀποζημιώσεως

ΓΕΝΕΥΗ, 26. (Ἀσ. Πρ.).— Ἡ Σοβιετικὴ Ἕνωσις ἀνεκοίνωσεν, κατὰ τὴν σημερινὴν συνεδρίασιν τῆς Διασκέψεως, ὅτι θὰ ἐπαναλάβῃ τὰς πυρηνικάς της δοκιμάς.

Ἡ Μόσχα κατηγορεῖ τὰς Ἡνωμένας Πολιτείας ὡς ὑπευθύνους διὰ τὰς συνεπείας.

Ὀγκωδεστάτη διαδήλωσις ἐπραγματοποιήθη εἰς τὸ Λονδῖνον.

ΓΕΝΕΥΗ, 26. (Ἀσ. Πρ.).— Ἡ Σοβιετικὴ Ἕνωσις ἀνεκοίνωσεν, κατὰ τὴν σημερινὴν συνεδρίασιν τῆς Διασκέψεως, ὅτι θὰ ἐπαναλάβῃ τὰς πυρηνικάς της δοκιμάς.

Ἡ Μόσχα κατηγορεῖ τὰς Ἡνωμένας Πολιτείας ὡς ὑπευθύνους διὰ τὰς συνεπείας.

Ὀγκωδεστάτη διαδήλωσις ἐπραγματοποιήθη εἰς τὸ Λονδῖνον.

ΔΙΑΔΗΛΩΣΕΙΣ ΕΙΣ ΛΟΝΔΙΝΟΝ

ΓΕΝΕΥΗ, 26. (Ἀσ. Πρ.).— Ἡ Σοβιετικὴ Ἕνωσις ἀνεκοίνωσεν, κατὰ τὴν σημερινὴν συνεδρίασιν τῆς Διασκέψεως, ὅτι θὰ ἐπαναλάβῃ τὰς πυρηνικάς της δοκιμάς.

Ἡ Μόσχα κατηγορεῖ τὰς Ἡνωμένας Πολιτείας ὡς ὑπευθύνους διὰ τὰς συνεπείας.

ΔΡΙΜΥΤΑΤΗ ΕΠΙΘΕΣΙΣ

Ὀγκωδεστάτη διαδήλωσις ἐπραγματοποιήθη εἰς τὸ Λονδῖνον.

ΓΕΝΕΥΗ, 26. (Ἀσ. Πρ.).— Ἡ Σοβιετικὴ Ἕνωσις ἀνεκοίνωσεν, κατὰ τὴν σημερινὴν συνεδρίασιν τῆς Διασκέψεως, ὅτι θὰ ἐπαναλάβῃ τὰς πυρηνικάς της δοκιμάς.

ΑΝΑΚΥΠΤΟΥΝ ΠΡΟΒΛΗΜΑΤΑ ΔΙΑ ΠΟΛΛΑΣ ΕΠΙΧΕΙΡΗΣΕΙΣ ΕΚ ΤΗΣ ΣΥΝΔΕΣΕΩΣ ΜΑΣ ΜΕΤΑ ΤΗΣ ΚΟΙΝΗΣ ΑΓΟΡΑΣ

Ἡ Μόσχα κατηγορεῖ τὰς Ἡνωμένας Πολιτείας ὡς ὑπευθύνους διὰ τὰς συνεπείας.

Ὀγκωδεστάτη διαδήλωσις ἐπραγματοποιήθη εἰς τὸ Λονδῖνον.

Ο κ. ΝΙΞΟΝ ΣΧΕΔΙΑΖΕΙ ΜΕΓΑΛΗΝ ΠΕΡΙΟΔΕΙΑΝ ΕΙΣ ΤΗΝ ΔΥΤ. ΕΥΡΩΠΗΝ

ΓΕΝΕΥΗ, 26. (Ἀσ. Πρ.).— Ἡ Σοβιετικὴ Ἕνωσις ἀνεκοίνωσεν, κατὰ τὴν σημερινὴν συνεδρίασιν τῆς Διασκέψεως, ὅτι θὰ ἐπαναλάβῃ τὰς πυρηνικάς της δοκιμάς.

Η ΧΟΡΑΓΙΑ ΔΕΝ ΕΥΡΙΣΚΕΤΑΙ ΕΙΣ ΑΘΗΝΑΣ

Ἡ Μόσχα κατηγορεῖ τὰς Ἡνωμένας Πολιτείας ὡς ὑπευθύνους διὰ τὰς συνεπείας.

ΟΙ ΑΜΕΡΙΚΑΝΟΙ ΕΠΙΣΤΡΕΦΟΥΝ ΔΙΑ ΝΑ ΓΡΑΨΟΥΝ ΥΠΕΡ ΤΗΣ ΚΥΒΕΡΝΗΣΕΩΣ

Ὀγκωδεστάτη διαδήλωσις ἐπραγματοποιήθη εἰς τὸ Λονδῖνον.

ΓΕΝΕΥΗ, 26. (Ἀσ. Πρ.).— Ἡ Σοβιετικὴ Ἕνωσις ἀνεκοίνωσεν, κατὰ τὴν σημερινὴν συνεδρίασιν τῆς Διασκέψεως, ὅτι θὰ ἐπαναλάβῃ τὰς πυρηνικάς της δοκιμάς.

Ἡ Μόσχα κατηγορεῖ τὰς Ἡνωμένας Πολιτείας ὡς ὑπευθύνους διὰ τὰς συνεπείας.

Ὀγκωδεστάτη διαδήλωσις ἐπραγματοποιήθη εἰς τὸ Λονδῖνον.

ΙΑΠΩΝΙΚΗ ΔΙΑΜΑΡΤΥΡΙΑ

ΓΕΝΕΥΗ, 26. (Ἀσ. Πρ.).— Ἡ Σοβιετικὴ Ἕνωσις ἀνεκοίνωσεν, κατὰ τὴν σημερινὴν συνεδρίασιν τῆς Διασκέψεως, ὅτι θὰ ἐπαναλάβῃ τὰς πυρηνικάς της δοκιμάς.

Ἡ Μόσχα κατηγορεῖ τὰς Ἡνωμένας Πολιτείας ὡς ὑπευθύνους διὰ τὰς συνεπείας.

ΟΥΣΙΩΔΙΑ ΕΝΙΦΟΒΗ

Ὀγκωδεστάτη διαδήλωσις ἐπραγματοποιήθη εἰς τὸ Λονδῖνον.

ΔΗΛΩΣΕΙΣ ΤΟΥ κ. ΡΑΣΚ

ΓΕΝΕΥΗ, 26. (Ἀσ. Πρ.).— Ἡ Σοβιετικὴ Ἕνωσις ἀνεκοίνωσεν, κατὰ τὴν σημερινὴν συνεδρίασιν τῆς Διασκέψεως, ὅτι θὰ ἐπαναλάβῃ τὰς πυρηνικάς της δοκιμάς.

Ἡ Μόσχα κατηγορεῖ τὰς Ἡνωμένας Πολιτείας ὡς ὑπευθύνους διὰ τὰς συνεπείας.

ΑΝΑ ΔΥΟ ΗΜΕΡΑΣ

Ὀγκωδεστάτη διαδήλωσις ἐπραγματοποιήθη εἰς τὸ Λονδῖνον.

ΠΟΤΕ ΘΑ ΑΝΑΚΟΙΝΩΘΟΥΝ

ΓΕΝΕΥΗ, 26. (Ἀσ. Πρ.).— Ἡ Σοβιετικὴ Ἕνωσις ἀνεκοίνωσεν, κατὰ τὴν σημερινὴν συνεδρίασιν τῆς Διασκέψεως, ὅτι θὰ ἐπαναλάβῃ τὰς πυρηνικάς της δοκιμάς.

ΜΕΤΡΑ ΕΙΣ ΓΕΡΜΑΝΙΑΝ

Ἡ Μόσχα κατηγορεῖ τὰς Ἡνωμένας Πολιτείας ὡς ὑπευθύνους διὰ τὰς συνεπείας.

ΤΑ ΟΠΛΑ ΤΟΥ ΝΑΤΟ

Ὀγκωδεστάτη διαδήλωσις ἐπραγματοποιήθη εἰς τὸ Λονδῖνον.

ΕΝΕΡΓΕΙΑΙ ΒΟΥΛΕΥΤΩΝ

ΓΕΝΕΥΗ, 26. (Ἀσ. Πρ.).— Ἡ Σοβιετικὴ Ἕνωσις ἀνεκοίνωσεν, κατὰ τὴν σημερινὴν συνεδρίασιν τῆς Διασκέψεως, ὅτι θὰ ἐπαναλάβῃ τὰς πυρηνικάς της δοκιμάς.

Ο κ. ΚΟΥΒ ΝΤΕ ΜΥΡΒΙΑ ΘΑ ΕΛΘΗ ΕΙΣ ΑΘΗΝΑΣ ΔΙΑ ΤΗΝ ΔΙΑΣΚΕΨΙΝ ΤΩΝ ΥΠΟΥΡΓΩΝ ΤΟΥ Ν.Α.Τ.Ο.

Ἡ Μόσχα κατηγορεῖ τὰς Ἡνωμένας Πολιτείας ὡς ὑπευθύνους διὰ τὰς συνεπείας.

ΔΙΑ ΤΟΥΣ ΜΗ ΕΟΡΤΑΖΟΝΤΑΣ
ΤΟΥ ΑΓΙΟΥ ΓΕΩΡΓΙΟΥ

Ὀγκωδεστάτη διαδήλωσις ἐπραγματοποιήθη εἰς τὸ Λονδῖνον.

ΚΗΔΕΙΑΙ

Τὴν προσφιλῆ μας μητέρα, ἀδελφήν, μάμμην καὶ θείαν

ΣΤΥΛΙΑΝΗΝ ΔΕΛΗ

θανοῦσαν κηδεύομεν σήμερον Σάββατον 28 τ.μ. καὶ ὥραν 4.30 μ.μ. ἐκ τοῦ Ἱεροῦ Ναοῦ Ἁγίου Δημητρίου.

ΣΕΙΡΑ ΝΕΩΝ ΟΙΚΟΝΟΜΙΚΩΝ ΜΟΝΑΔΩΝ
Αἱ χημικαὶ βιομηχανίαι τῆς Βορείου Ἑλλάδος
ἀπεφάσισαν νὰ ἀνεγερθοῦν εἰς τὸ Τσάγεζι
Μετὰ ἕνα μῆνα θεμελιοῦται τὸ ἐργοστάσιον
ΖΩΗΡΟΤΑΤΟΝ ΕΝΔΙΑΦΕΡΟΝ ΕΞΕΔΗΛΩΣΑΝ
ΤΟ ΓΑΛΛΙΚΟΝ ΚΑΙ ΓΕΡΜΑΝΙΚΟΝ ΚΕΦΑΛΑΙΟΝ
Εὔθυνοι ἑλκυστῆρες διὰ τὴν γεωργίαν
ΑΙ ΒΙΟΜΗΧΑΝΙΑΙ ΜΕΤΑΤΡΟΠΗΣ ΤΩΝ ΑΠΟΡΡΙΜΜΑΤΩΝ

ΑΘΗΝΑΙ, 26.— Αἱ χημικαὶ βιομηχανίαι τῆς Βορείου Ἑλλάδος ἀπεφάσισαν νὰ ἀνεγερθοῦν εἰς τὴν περιοχὴν Τσάγεζι. Μετὰ ἕνα μῆνα θεμελιοῦται τὸ ἐργοστάσιον.

Ζωηρότατον ἐνδιαφέρον ἐξεδήλωσαν τὸ Γαλλικὸν καὶ Γερμανικὸν κεφάλαιον.

ΑΘΗΝΑΙ, 26.— Αἱ χημικαὶ βιομηχανίαι τῆς Βορείου Ἑλλάδος ἀπεφάσισαν νὰ ἀνεγερθοῦν εἰς τὴν περιοχὴν Τσάγεζι. Μετὰ ἕνα μῆνα θεμελιοῦται τὸ ἐργοστάσιον.

Ζωηρότατον ἐνδιαφέρον ἐξεδήλωσαν τὸ Γαλλικὸν καὶ Γερμανικὸν κεφάλαιον.

ΑΘΗΝΑΙ, 26.— Αἱ χημικαὶ βιομηχανίαι τῆς Βορείου Ἑλλάδος ἀπεφάσισαν νὰ ἀνεγερθοῦν εἰς τὴν περιοχὴν Τσάγεζι. Μετὰ ἕνα μῆνα θεμελιοῦται τὸ ἐργοστάσιον.

Ζωηρότατον ἐνδιαφέρον ἐξεδήλωσαν τὸ Γαλλικὸν καὶ Γερμανικὸν κεφάλαιον.

ΑΛΛΑΙ ΜΟΝΑΔΕΣ

ΑΘΗΝΑΙ, 26.— Αἱ χημικαὶ βιομηχανίαι τῆς Βορείου Ἑλλάδος ἀπεφάσισαν νὰ ἀνεγερθοῦν εἰς τὴν περιοχὴν Τσάγεζι. Μετὰ ἕνα μῆνα θεμελιοῦται τὸ ἐργοστάσιον.

Ζωηρότατον ἐνδιαφέρον ἐξεδήλωσαν τὸ Γαλλικὸν καὶ Γερμανικὸν κεφάλαιον.

ΑΘΗΝΑΙ, 26.— Αἱ χημικαὶ βιομηχανίαι τῆς Βορείου Ἑλλάδος ἀπεφάσισαν νὰ ἀνεγερθοῦν εἰς τὴν περιοχὴν Τσάγεζι. Μετὰ ἕνα μῆνα θεμελιοῦται τὸ ἐργοστάσιον.

Ζωηρότατον ἐνδιαφέρον ἐξεδήλωσαν τὸ Γαλλικὸν καὶ Γερμανικὸν κεφάλαιον.

ΤΟ ΓΕΡΜΑΝΙΚΟΝ ΚΕΦΑΛΑΙΟΝ

ΑΘΗΝΑΙ, 26.— Αἱ χημικαὶ βιομηχανίαι τῆς Βορείου Ἑλλάδος ἀπεφάσισαν νὰ ἀνεγερθοῦν εἰς τὴν περιοχὴν Τσάγεζι. Μετὰ ἕνα μῆνα θεμελιοῦται τὸ ἐργοστάσιον.

Ζωηρότατον ἐνδιαφέρον ἐξεδήλωσαν τὸ Γαλλικὸν καὶ Γερμανικὸν κεφάλαιον.

ΑΘΗΝΑΙ, 26.— Αἱ χημικαὶ βιομηχανίαι τῆς Βορείου Ἑλλάδος ἀπεφάσισαν νὰ ἀνεγερθοῦν εἰς τὴν περιοχὴν Τσάγεζι. Μετὰ ἕνα μῆνα θεμελιοῦται τὸ ἐργοστάσιον.

ΕΥΘΗΝΟΥΣ ΕΛΚΥΣΤΗΡΕΣ

Ζωηρότατον ἐνδιαφέρον ἐξεδήλωσαν τὸ Γαλλικὸν καὶ Γερμανικὸν κεφάλαιον.

ΑΘΗΝΑΙ, 26.— Αἱ χημικαὶ βιομηχανίαι τῆς Βορείου Ἑλλάδος ἀπεφάσισαν νὰ ἀνεγερθοῦν εἰς τὴν περιοχὴν Τσάγεζι. Μετὰ ἕνα μῆνα θεμελιοῦται τὸ ἐργοστάσιον.

Ζωηρότατον ἐνδιαφέρον ἐξεδήλωσαν τὸ Γαλλικὸν καὶ Γερμανικὸν κεφάλαιον.

ΑΘΗΝΑΙ, 26.— Αἱ χημικαὶ βιομηχανίαι τῆς Βορείου Ἑλλάδος ἀπεφάσισαν νὰ ἀνεγερθοῦν εἰς τὴν περιοχὴν Τσάγεζι. Μετὰ ἕνα μῆνα θεμελιοῦται τὸ ἐργοστάσιον.
